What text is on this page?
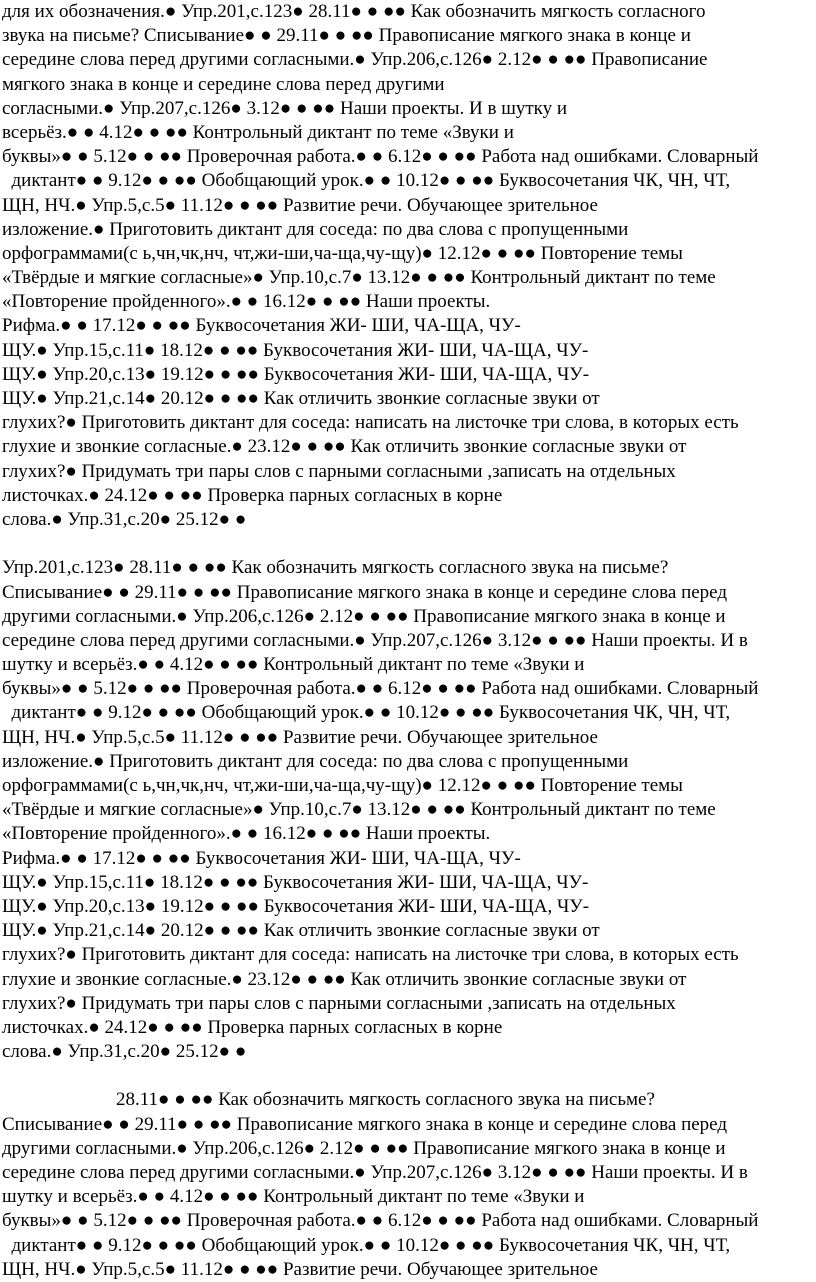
для их обозначения.● Упр.201,с.123● 28.11● ● ●● Как обозначить мягкость согласного
звука на письме? Списывание● ● 29.11● ● ●● Правописание мягкого знака в конце и
середине слова перед другими согласными.● Упр.206,с.126● 2.12● ● ●● Правописание
мягкого знака в конце и середине слова перед другими
согласными.● Упр.207,с.126● 3.12● ● ●● Наши проекты. И в шутку и
всерьёз.● ● 4.12● ● ●● Контрольный диктант по теме «Звуки и
буквы»● ● 5.12● ● ●● Проверочная работа.● ● 6.12● ● ●● Работа над ошибками. Словарный
диктант● ● 9.12● ● ●● Обобщающий урок.● ● 10.12● ● ●● Буквосочетания ЧК, ЧН, ЧТ,
ЩН, НЧ.● Упр.5,с.5● 11.12● ● ●● Развитие речи. Обучающее зрительное
изложение.● Приготовить диктант для соседа: по два слова с пропущенными
орфограммами(с ь,чн,чк,нч, чт,жи-ши,ча-ща,чу-щу)● 12.12● ● ●● Повторение темы
«Твёрдые и мягкие согласные»● Упр.10,с.7● 13.12● ● ●● Контрольный диктант по теме
«Повторение пройденного».● ● 16.12● ● ●● Наши проекты.
Рифма.● ● 17.12● ● ●● Буквосочетания ЖИ- ШИ, ЧА-ЩА, ЧУ-
ЩУ.● Упр.15,с.11● 18.12● ● ●● Буквосочетания ЖИ- ШИ, ЧА-ЩА, ЧУ-
ЩУ.● Упр.20,с.13● 19.12● ● ●● Буквосочетания ЖИ- ШИ, ЧА-ЩА, ЧУ-
ЩУ.● Упр.21,с.14● 20.12● ● ●● Как отличить звонкие согласные звуки от
глухих?● Приготовить диктант для соседа: написать на листочке три слова, в которых есть
глухие и звонкие согласные.● 23.12● ● ●● Как отличить звонкие согласные звуки от
глухих?● Придумать три пары слов с парными согласными ,записать на отдельных
листочках.● 24.12● ● ●● Проверка парных согласных в корне
слова.● Упр.31,с.20● 25.12● ●
Упр.201,с.123● 28.11● ● ●● Как обозначить мягкость согласного звука на письме?
Списывание● ● 29.11● ● ●● Правописание мягкого знака в конце и середине слова перед
другими согласными.● Упр.206,с.126● 2.12● ● ●● Правописание мягкого знака в конце и
середине слова перед другими согласными.● Упр.207,с.126● 3.12● ● ●● Наши проекты. И в
шутку и всерьёз.● ● 4.12● ● ●● Контрольный диктант по теме «Звуки и
буквы»● ● 5.12● ● ●● Проверочная работа.● ● 6.12● ● ●● Работа над ошибками. Словарный
диктант● ● 9.12● ● ●● Обобщающий урок.● ● 10.12● ● ●● Буквосочетания ЧК, ЧН, ЧТ,
ЩН, НЧ.● Упр.5,с.5● 11.12● ● ●● Развитие речи. Обучающее зрительное
изложение.● Приготовить диктант для соседа: по два слова с пропущенными
орфограммами(с ь,чн,чк,нч, чт,жи-ши,ча-ща,чу-щу)● 12.12● ● ●● Повторение темы
«Твёрдые и мягкие согласные»● Упр.10,с.7● 13.12● ● ●● Контрольный диктант по теме
«Повторение пройденного».● ● 16.12● ● ●● Наши проекты.
Рифма.● ● 17.12● ● ●● Буквосочетания ЖИ- ШИ, ЧА-ЩА, ЧУ-
ЩУ.● Упр.15,с.11● 18.12● ● ●● Буквосочетания ЖИ- ШИ, ЧА-ЩА, ЧУ-
ЩУ.● Упр.20,с.13● 19.12● ● ●● Буквосочетания ЖИ- ШИ, ЧА-ЩА, ЧУ-
ЩУ.● Упр.21,с.14● 20.12● ● ●● Как отличить звонкие согласные звуки от
глухих?● Приготовить диктант для соседа: написать на листочке три слова, в которых есть
глухие и звонкие согласные.● 23.12● ● ●● Как отличить звонкие согласные звуки от
глухих?● Придумать три пары слов с парными согласными ,записать на отдельных
листочках.● 24.12● ● ●● Проверка парных согласных в корне
слова.● Упр.31,с.20● 25.12● ●
28.11● ● ●● Как обозначить мягкость согласного звука на письме?
Списывание● ● 29.11● ● ●● Правописание мягкого знака в конце и середине слова перед
другими согласными.● Упр.206,с.126● 2.12● ● ●● Правописание мягкого знака в конце и
середине слова перед другими согласными.● Упр.207,с.126● 3.12● ● ●● Наши проекты. И в
шутку и всерьёз.● ● 4.12● ● ●● Контрольный диктант по теме «Звуки и
буквы»● ● 5.12● ● ●● Проверочная работа.● ● 6.12● ● ●● Работа над ошибками. Словарный
диктант● ● 9.12● ● ●● Обобщающий урок.● ● 10.12● ● ●● Буквосочетания ЧК, ЧН, ЧТ,
ЩН, НЧ.● Упр.5,с.5● 11.12● ● ●● Развитие речи. Обучающее зрительное
